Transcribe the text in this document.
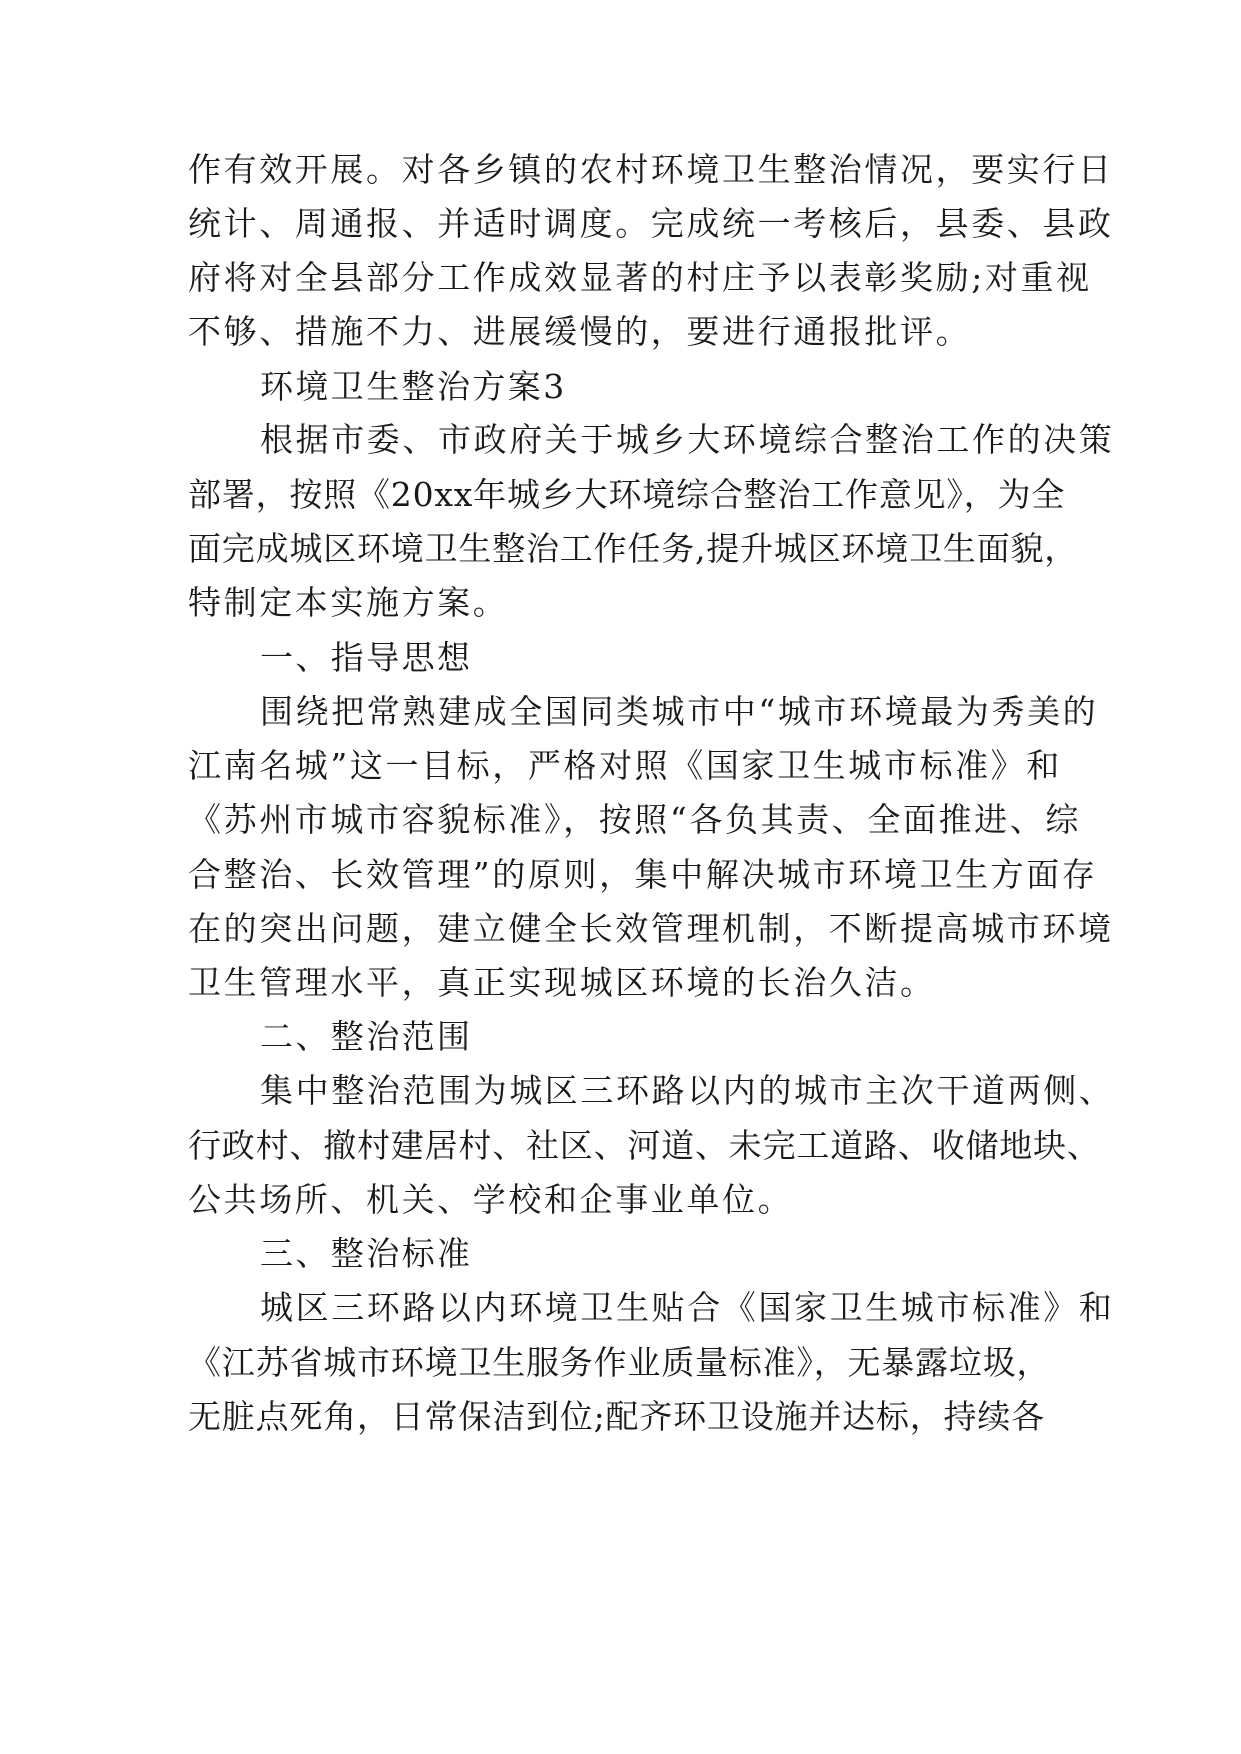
作有效开展。对各乡镇的农村环境卫生整治情况，要实行日
统计、周通报、并适时调度。完成统一考核后，县委、县政
府将对全县部分工作成效显著的村庄予以表彰奖励;对重视
不够、措施不力、进展缓慢的，要进行通报批评。
环境卫生整治方案3
根据市委、市政府关于城乡大环境综合整治工作的决策
部署，按照《20xx年城乡大环境综合整治工作意见》，为全
面完成城区环境卫生整治工作任务,提升城区环境卫生面貌，
特制定本实施方案。
一、指导思想
围绕把常熟建成全国同类城市中“城市环境最为秀美的
江南名城”这一目标，严格对照《国家卫生城市标准》和
《苏州市城市容貌标准》，按照“各负其责、全面推进、综
合整治、长效管理”的原则，集中解决城市环境卫生方面存
在的突出问题，建立健全长效管理机制，不断提高城市环境
卫生管理水平，真正实现城区环境的长治久洁。
二、整治范围
集中整治范围为城区三环路以内的城市主次干道两侧、
行政村、撤村建居村、社区、河道、未完工道路、收储地块、
公共场所、机关、学校和企事业单位。
三、整治标准
城区三环路以内环境卫生贴合《国家卫生城市标准》和
《江苏省城市环境卫生服务作业质量标准》，无暴露垃圾，
无脏点死角，日常保洁到位;配齐环卫设施并达标，持续各
